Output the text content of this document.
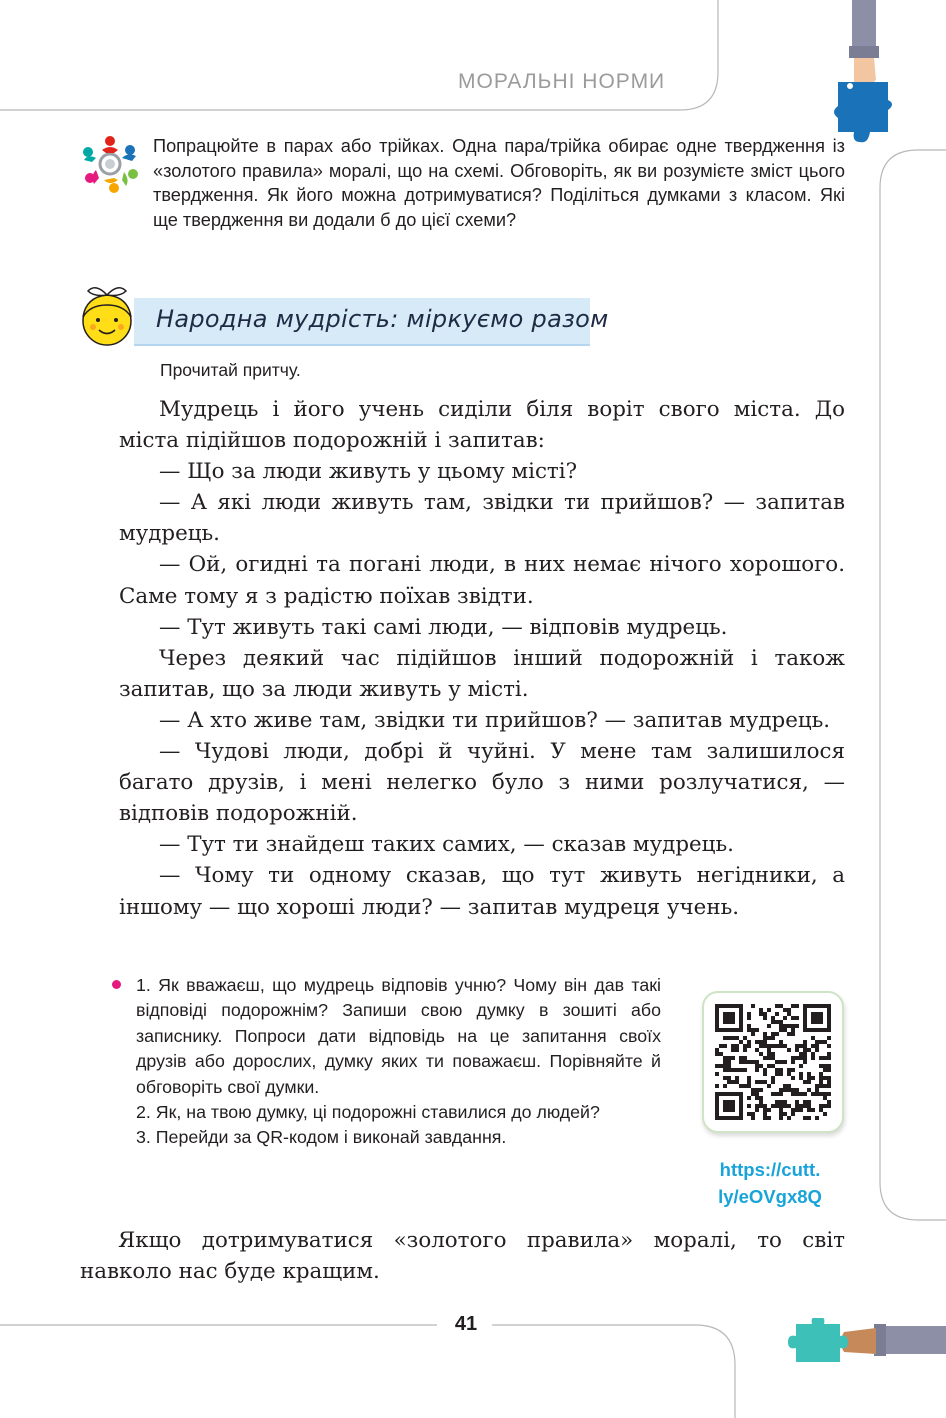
МОРАЛЬНІ НОРМИ

Попрацюйте в парах або трійках. Одна пара/трійка обирає одне твердження із «золотого правила» моралі, що на схемі. Обговоріть, як ви розумієте зміст цього твердження. Як його можна дотримуватися? Поділіться думками з класом. Які ще твердження ви додали б до цієї схеми?

Народна мудрість: міркуємо разом
Прочитай притчу.

Мудрець і його учень сиділи біля воріт свого міста. До міста підійшов подорожній і запитав:

— Що за люди живуть у цьому місті?

— А які люди живуть там, звідки ти прийшов? — запитав мудрець.

— Ой, огидні та погані люди, в них немає нічого хорошого. Саме тому я з радістю поїхав звідти.

— Тут живуть такі самі люди, — відповів мудрець.

Через деякий час підійшов інший подорожній і також запитав, що за люди живуть у місті.

— А хто живе там, звідки ти прийшов? — запитав мудрець.

— Чудові люди, добрі й чуйні. У мене там залишилося багато друзів, і мені нелегко було з ними розлучатися, — відповів подорожній.

— Тут ти знайдеш таких самих, — сказав мудрець.

— Чому ти одному сказав, що тут живуть негідники, а іншому — що хороші люди? — запитав мудреця учень.

1. Як вважаєш, що мудрець відповів учню? Чому він дав такі відповіді подорожнім? Запиши свою думку в зошиті або записнику. Попроси дати відповідь на це запитання своїх друзів або дорослих, думку яких ти поважаєш. Порівняйте й обговоріть свої думки.

2. Як, на твою думку, ці подорожні ставилися до людей?

3. Перейди за QR-кодом і виконай завдання.

https://cutt.
ly/eOVgx8Q
Якщо дотримуватися «золотого правила» моралі, то світ навколо нас буде кращим.
41
